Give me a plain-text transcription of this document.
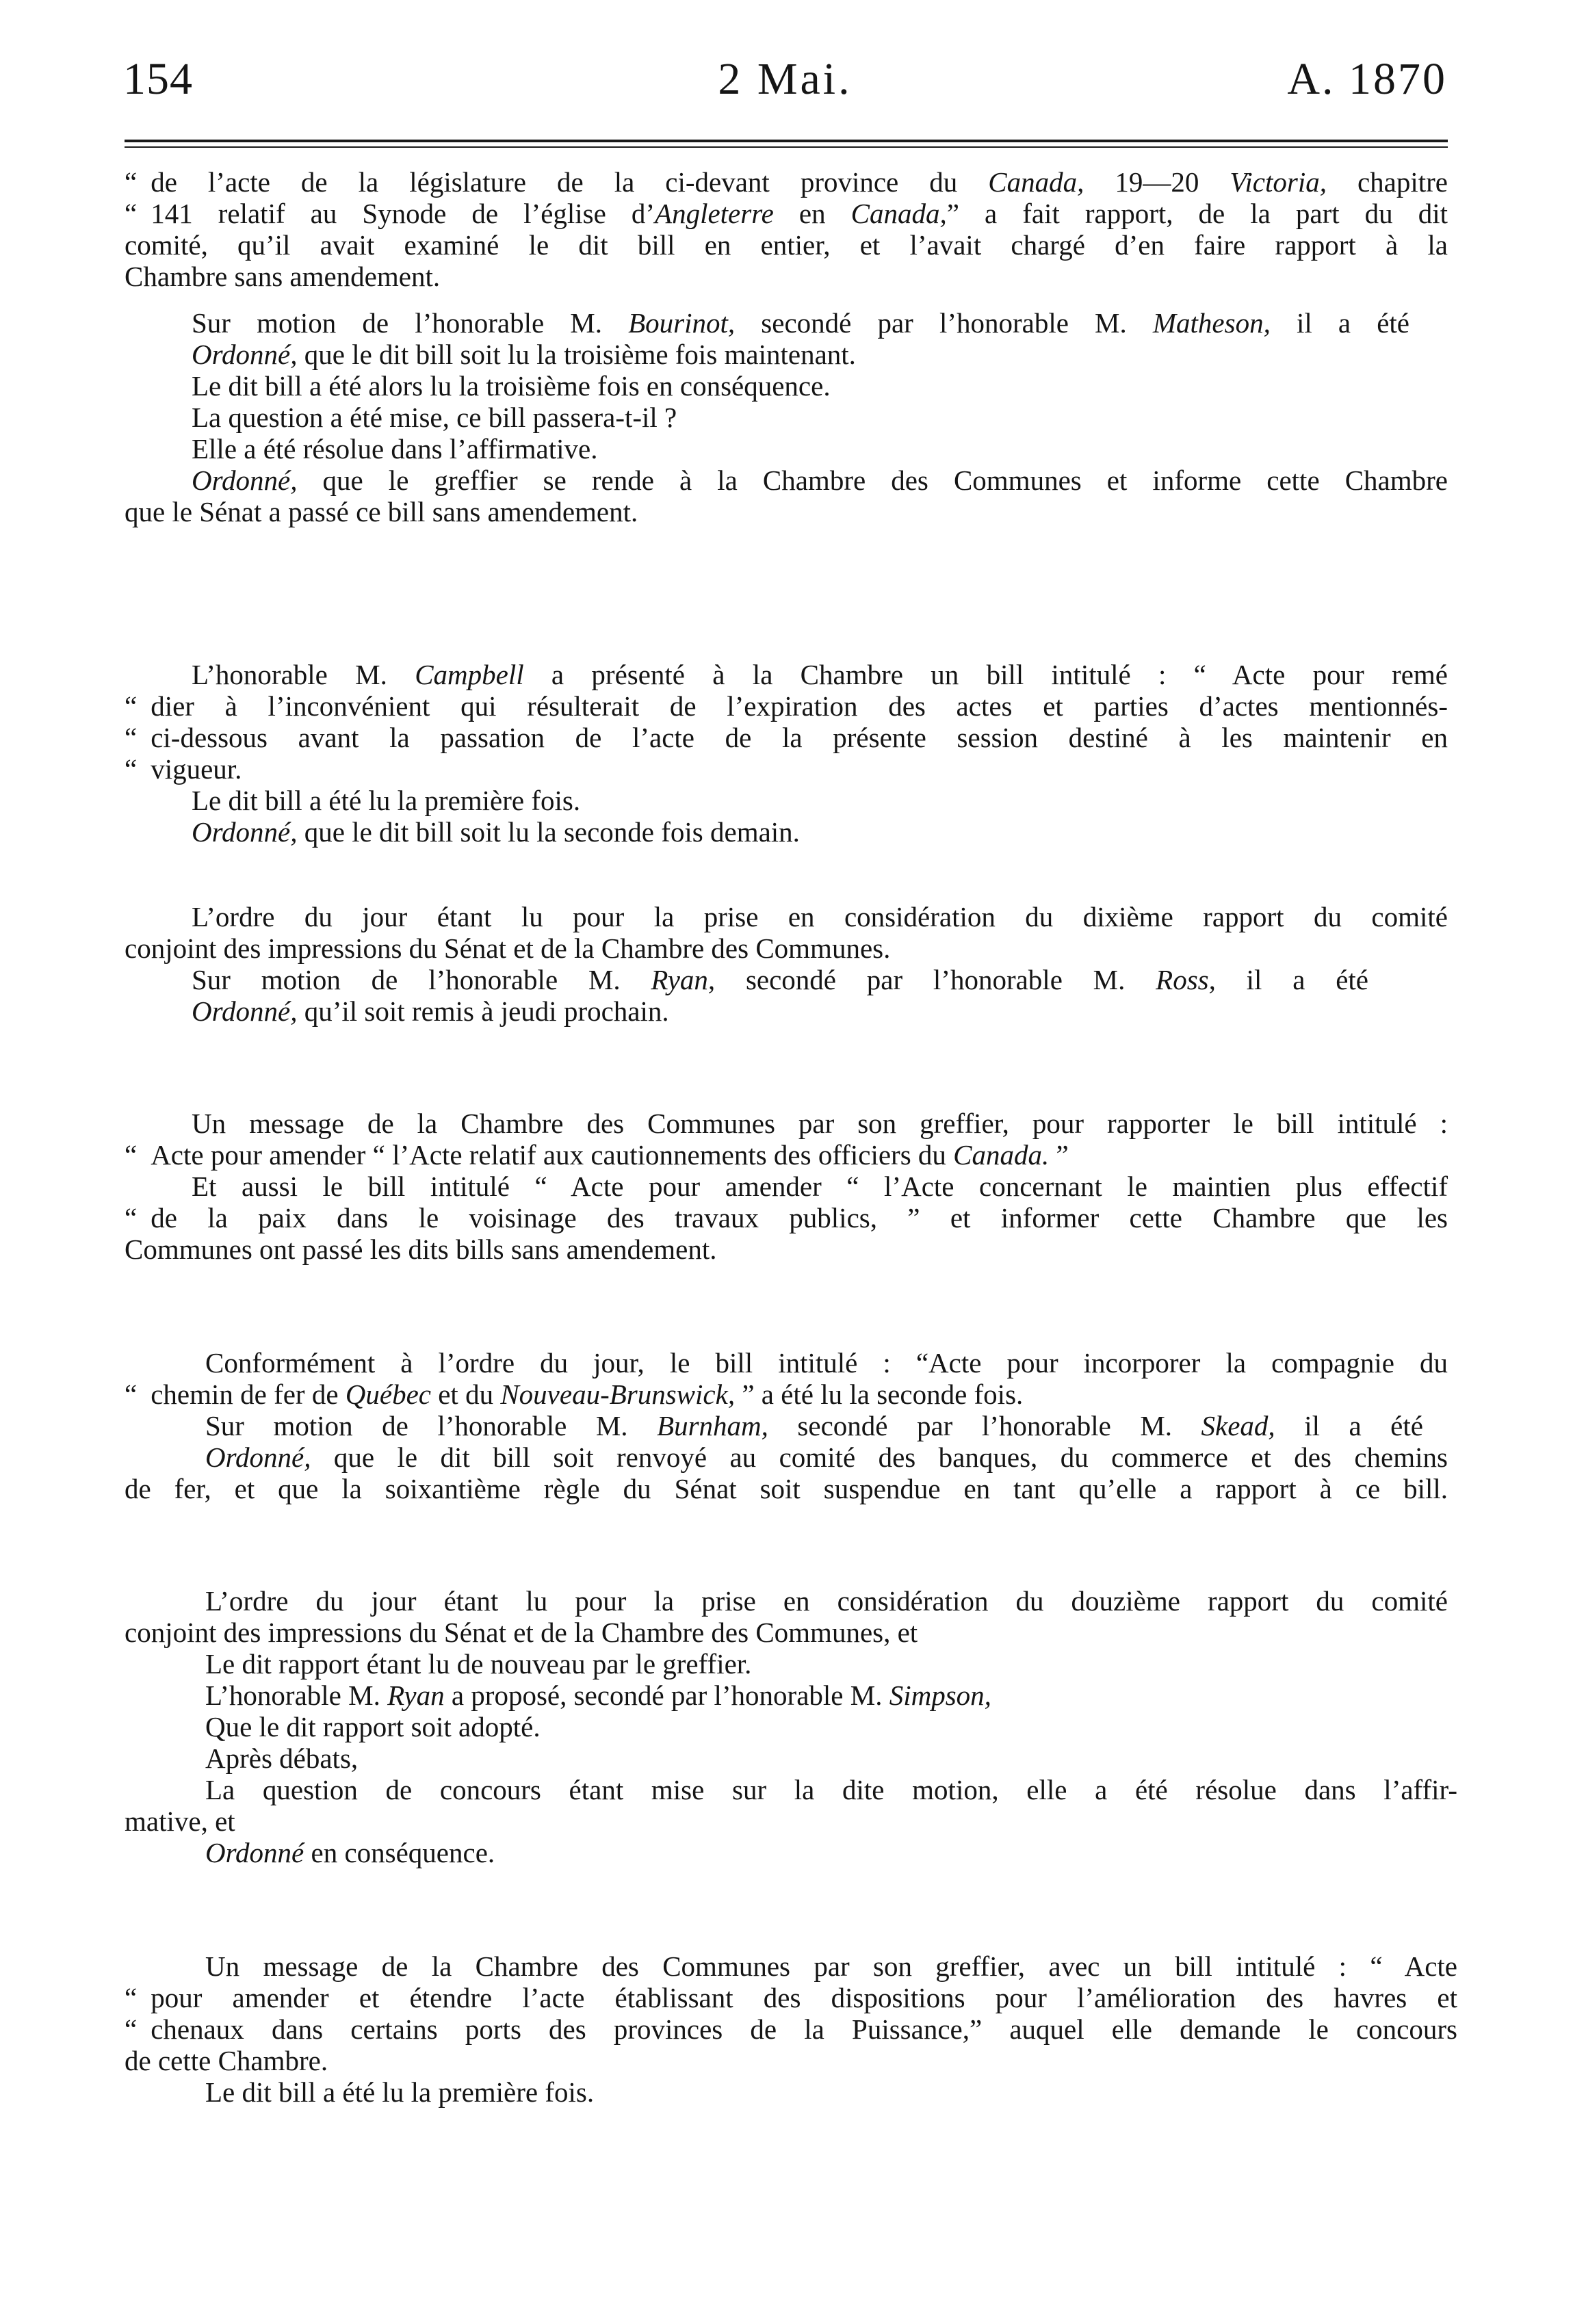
154	2 Mai.	A. 1870
“ de l’acte de la législature de la ci-devant province du Canada, 19—20 Victoria, chapitre
“ 141 relatif au Synode de l’église d’Angleterre en Canada,” a fait rapport, de la part du dit
comité, qu’il avait examiné le dit bill en entier, et l’avait chargé d’en faire rapport à la
Chambre sans amendement.
Sur motion de l’honorable M. Bourinot, secondé par l’honorable M. Matheson, il a été
Ordonné, que le dit bill soit lu la troisième fois maintenant.
Le dit bill a été alors lu la troisième fois en conséquence.
La question a été mise, ce bill passera-t-il ?
Elle a été résolue dans l’affirmative.
Ordonné, que le greffier se rende à la Chambre des Communes et informe cette Chambre
que le Sénat a passé ce bill sans amendement.
L’honorable M. Campbell a présenté à la Chambre un bill intitulé : “ Acte pour remé
“ dier à l’inconvénient qui résulterait de l’expiration des actes et parties d’actes mentionnés-
“ ci-dessous avant la passation de l’acte de la présente session destiné à les maintenir en
“ vigueur.
Le dit bill a été lu la première fois.
Ordonné, que le dit bill soit lu la seconde fois demain.
L’ordre du jour étant lu pour la prise en considération du dixième rapport du comité
conjoint des impressions du Sénat et de la Chambre des Communes.
Sur motion de l’honorable M. Ryan, secondé par l’honorable M. Ross, il a été
Ordonné, qu’il soit remis à jeudi prochain.
Un message de la Chambre des Communes par son greffier, pour rapporter le bill intitulé :
“ Acte pour amender “ l’Acte relatif aux cautionnements des officiers du Canada. ”
Et aussi le bill intitulé “ Acte pour amender “ l’Acte concernant le maintien plus effectif
“ de la paix dans le voisinage des travaux publics, ” et informer cette Chambre que les
Communes ont passé les dits bills sans amendement.
Conformément à l’ordre du jour, le bill intitulé : “Acte pour incorporer la compagnie du
“ chemin de fer de Québec et du Nouveau-Brunswick, ” a été lu la seconde fois.
Sur motion de l’honorable M. Burnham, secondé par l’honorable M. Skead, il a été
Ordonné, que le dit bill soit renvoyé au comité des banques, du commerce et des chemins
de fer, et que la soixantième règle du Sénat soit suspendue en tant qu’elle a rapport à ce bill.
L’ordre du jour étant lu pour la prise en considération du douzième rapport du comité
conjoint des impressions du Sénat et de la Chambre des Communes, et
Le dit rapport étant lu de nouveau par le greffier.
L’honorable M. Ryan a proposé, secondé par l’honorable M. Simpson,
Que le dit rapport soit adopté.
Après débats,
La question de concours étant mise sur la dite motion, elle a été résolue dans l’affir-
mative, et
Ordonné en conséquence.
Un message de la Chambre des Communes par son greffier, avec un bill intitulé : “ Acte
“ pour amender et étendre l’acte établissant des dispositions pour l’amélioration des havres et
“ chenaux dans certains ports des provinces de la Puissance,” auquel elle demande le concours
de cette Chambre.
Le dit bill a été lu la première fois.
